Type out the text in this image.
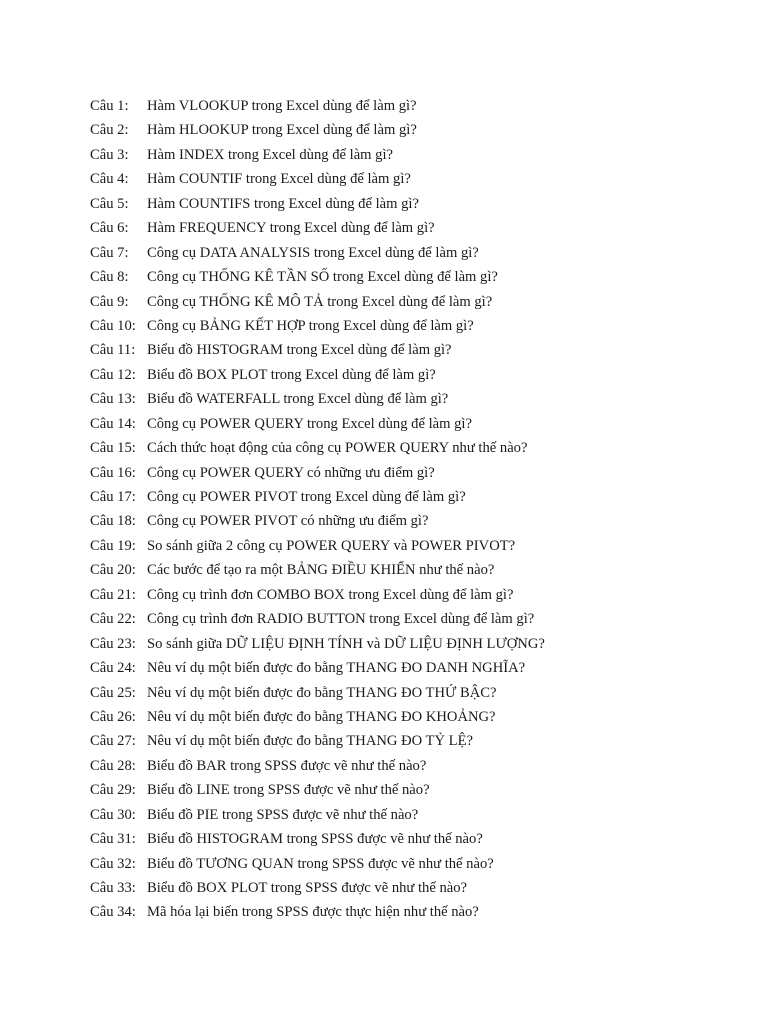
Câu 1:	Hàm VLOOKUP trong Excel dùng để làm gì?
Câu 2:	Hàm HLOOKUP trong Excel dùng để làm gì?
Câu 3:	Hàm INDEX trong Excel dùng để làm gì?
Câu 4:	Hàm COUNTIF trong Excel dùng để làm gì?
Câu 5:	Hàm COUNTIFS trong Excel dùng để làm gì?
Câu 6:	Hàm FREQUENCY trong Excel dùng để làm gì?
Câu 7:	Công cụ DATA ANALYSIS trong Excel dùng để làm gì?
Câu 8:	Công cụ THỐNG KÊ TẦN SỐ trong Excel dùng để làm gì?
Câu 9:	Công cụ THỐNG KÊ MÔ TẢ trong Excel dùng để làm gì?
Câu 10: Công cụ BẢNG KẾT HỢP trong Excel dùng để làm gì?
Câu 11: Biểu đồ HISTOGRAM trong Excel dùng để làm gì?
Câu 12: Biểu đồ BOX PLOT trong Excel dùng để làm gì?
Câu 13: Biểu đồ WATERFALL trong Excel dùng để làm gì?
Câu 14: Công cụ POWER QUERY trong Excel dùng để làm gì?
Câu 15: Cách thức hoạt động của công cụ POWER QUERY như thế nào?
Câu 16: Công cụ POWER QUERY có những ưu điểm gì?
Câu 17: Công cụ POWER PIVOT trong Excel dùng để làm gì?
Câu 18: Công cụ POWER PIVOT có những ưu điểm gì?
Câu 19: So sánh giữa 2 công cụ POWER QUERY và POWER PIVOT?
Câu 20: Các bước để tạo ra một BẢNG ĐIỀU KHIỂN như thế nào?
Câu 21: Công cụ trình đơn COMBO BOX trong Excel dùng để làm gì?
Câu 22: Công cụ trình đơn RADIO BUTTON trong Excel dùng để làm gì?
Câu 23: So sánh giữa DỮ LIỆU ĐỊNH TÍNH và DỮ LIỆU ĐỊNH LƯỢNG?
Câu 24: Nêu ví dụ một biến được đo bằng THANG ĐO DANH NGHĨA?
Câu 25: Nêu ví dụ một biến được đo bằng THANG ĐO THỨ BẬC?
Câu 26: Nêu ví dụ một biến được đo bằng THANG ĐO KHOẢNG?
Câu 27: Nêu ví dụ một biến được đo bằng THANG ĐO TỶ LỆ?
Câu 28: Biểu đồ BAR trong SPSS được vẽ như thế nào?
Câu 29: Biểu đồ LINE trong SPSS được vẽ như thế nào?
Câu 30: Biểu đồ PIE trong SPSS được vẽ như thế nào?
Câu 31: Biểu đồ HISTOGRAM trong SPSS được vẽ như thế nào?
Câu 32: Biểu đồ TƯƠNG QUAN trong SPSS được vẽ như thế nào?
Câu 33: Biểu đồ BOX PLOT trong SPSS được vẽ như thế nào?
Câu 34: Mã hóa lại biến trong SPSS được thực hiện như thế nào?
